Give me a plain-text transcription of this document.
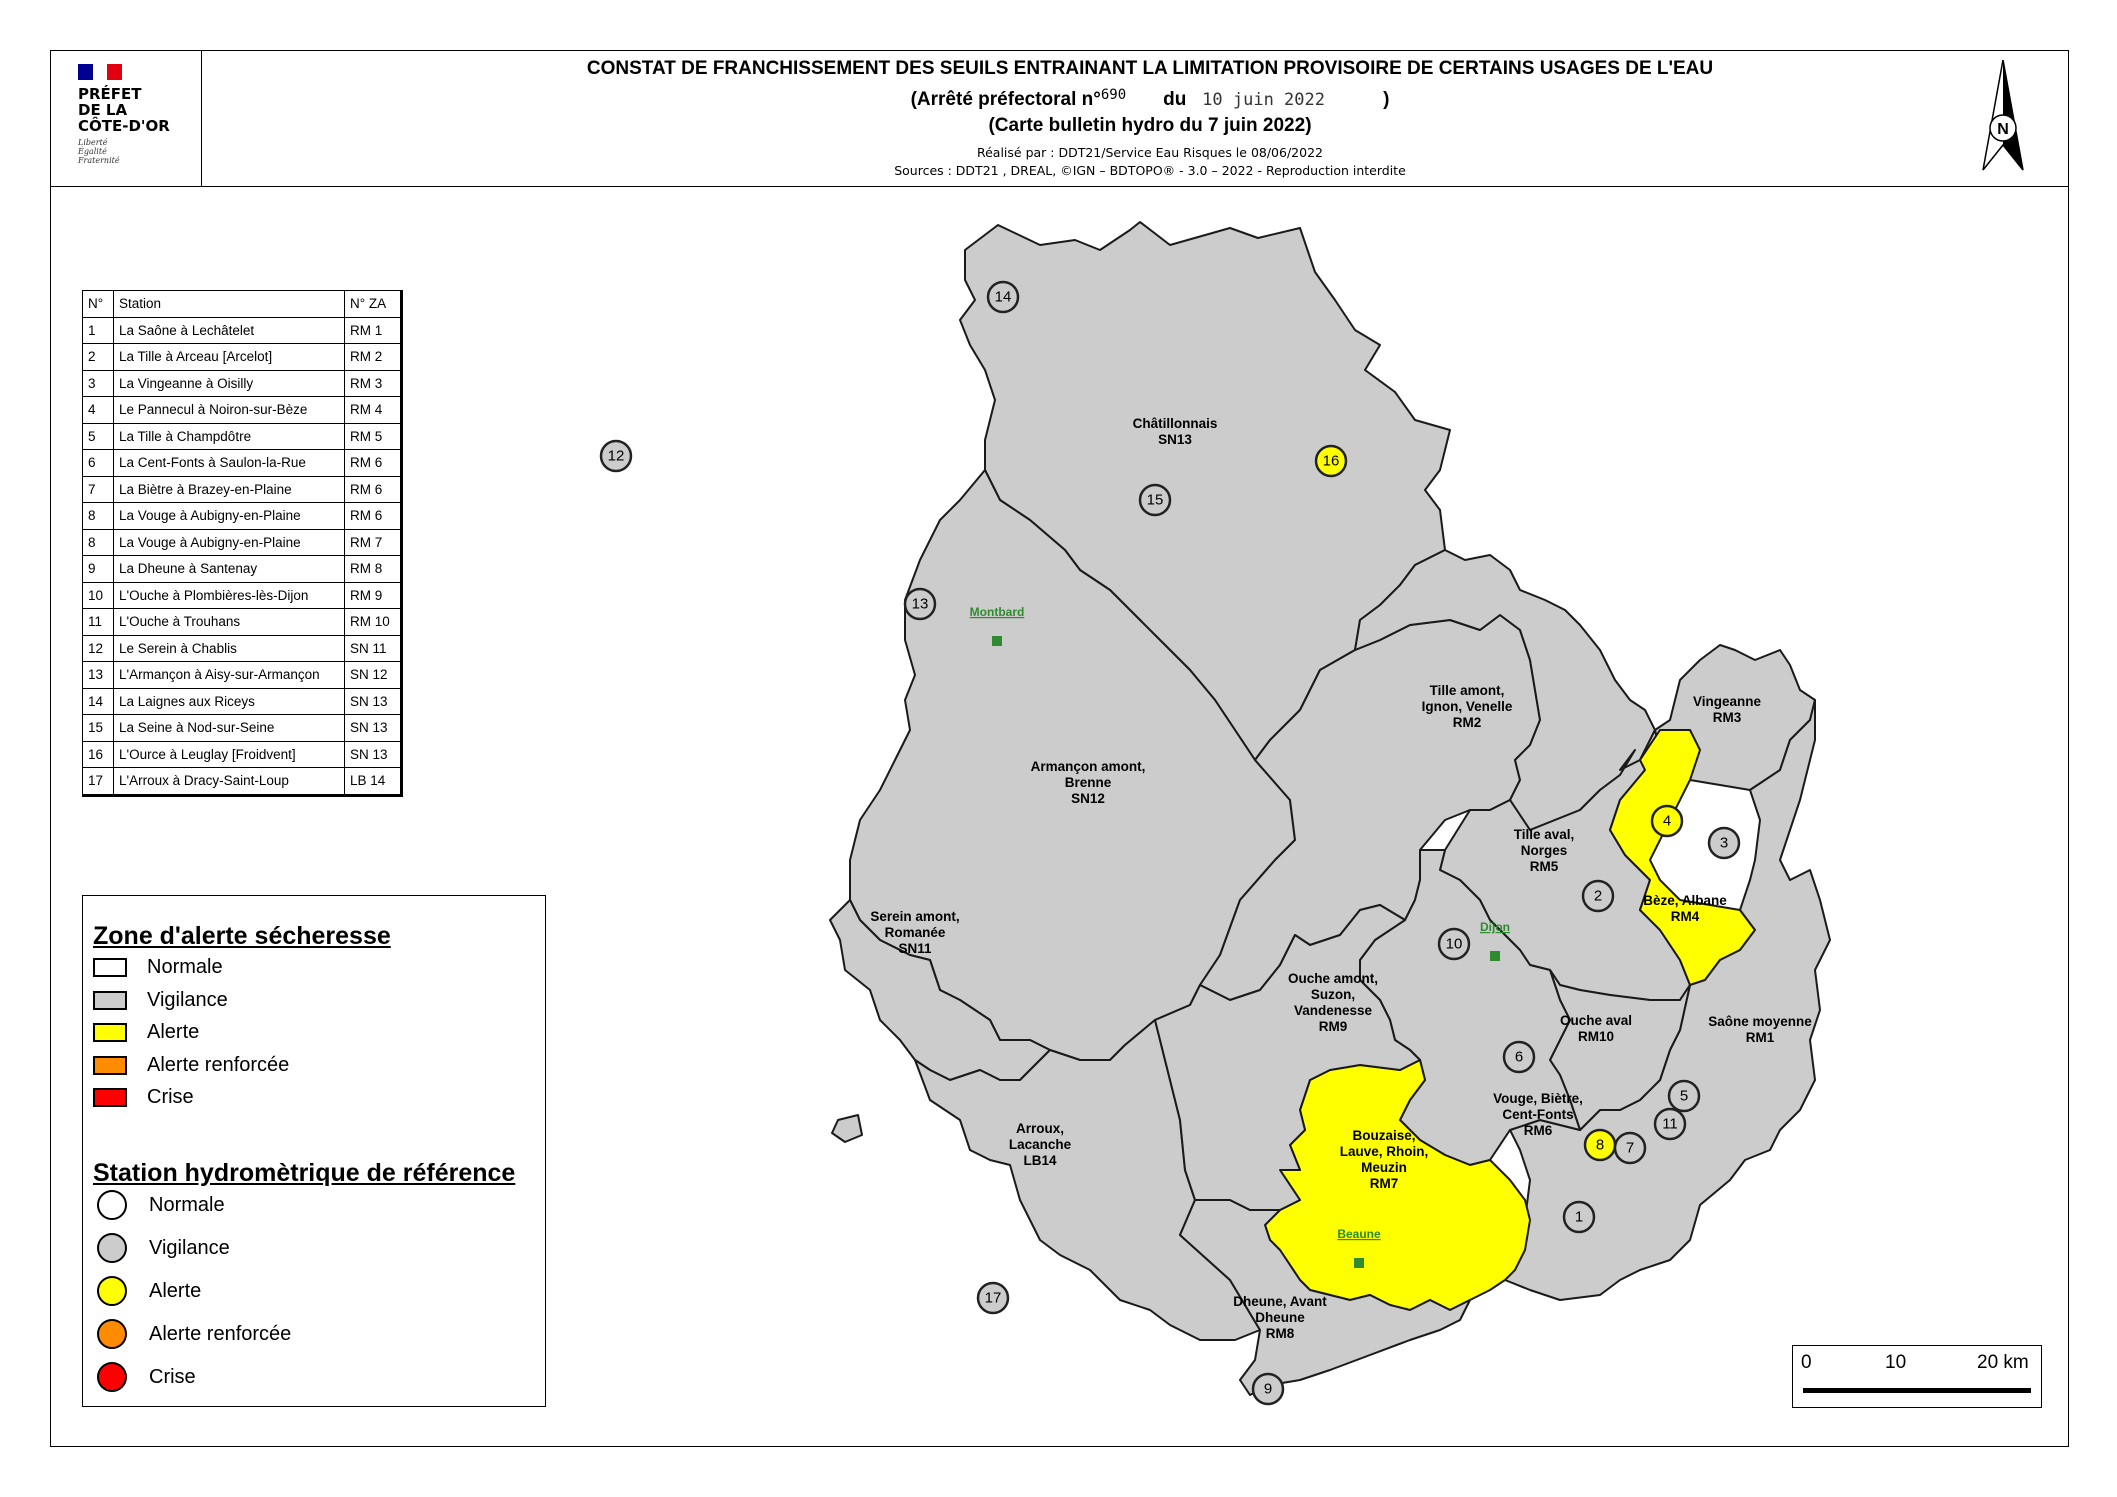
PRÉFET
DE LA
CÔTE-D'OR
Liberté
Égalité
Fraternité
CONSTAT DE FRANCHISSEMENT DES SEUILS ENTRAINANT LA LIMITATION PROVISOIRE DE CERTAINS USAGES DE L'EAU
(Arrêté préfectoral n°$^{690}$ du 10 juin 2022	)
(Carte bulletin hydro du 7 juin 2022)
Réalisé par : DDT21/Service Eau Risques le 08/06/2022
Sources : DDT21 , DREAL, ©IGN – BDTOPO® - 3.0 – 2022 - Reproduction interdite
N
N°	Station	N° ZA
1	La Saône à Lechâtelet	RM 1
2	La Tille à Arceau [Arcelot]	RM 2
3	La Vingeanne à Oisilly	RM 3
4	Le Pannecul à Noiron-sur-Bèze	RM 4
5	La Tille à Champdôtre	RM 5
6	La Cent-Fonts à Saulon-la-Rue	RM 6
7	La Biètre à Brazey-en-Plaine	RM 6
8	La Vouge à Aubigny-en-Plaine	RM 6
8	La Vouge à Aubigny-en-Plaine	RM 7
9	La Dheune à Santenay	RM 8
10	L'Ouche à Plombières-lès-Dijon	RM 9
11	L'Ouche à Trouhans	RM 10
12	Le Serein à Chablis	SN 11
13	L'Armançon à Aisy-sur-Armançon	SN 12
14	La Laignes aux Riceys	SN 13
15	La Seine à Nod-sur-Seine	SN 13
16	L'Ource à Leuglay [Froidvent]	SN 13
17	L'Arroux à Dracy-Saint-Loup	LB 14
Zone d'alerte sécheresse
Normale
Vigilance
Alerte
Alerte renforcée
Crise
Station hydromètrique de référence
Normale
Vigilance
Alerte
Alerte renforcée
Crise
Montbard
Dijon
Beaune
Châtillonnais
SN13
Tille amont,
Ignon, Venelle
RM2
Vingeanne
RM3
Armançon amont,
Brenne
SN12
Tille aval,
Norges
RM5
Bèze, Albane
RM4
Serein amont,
Romanée
SN11
Ouche amont,
Suzon,
Vandenesse
RM9	Ouche aval
RM10
Saône moyenne
RM1
Vouge, Biètre,
Cent-Fonts
RM6
Arroux,
Lacanche
LB14
Bouzaise,
Lauve, Rhoin,
Meuzin
RM7
Dheune, Avant
Dheune
RM8
1
2
3
4
5
6
7
8
9
10
11
12
13
14
15
16
17
0	10	20 km
